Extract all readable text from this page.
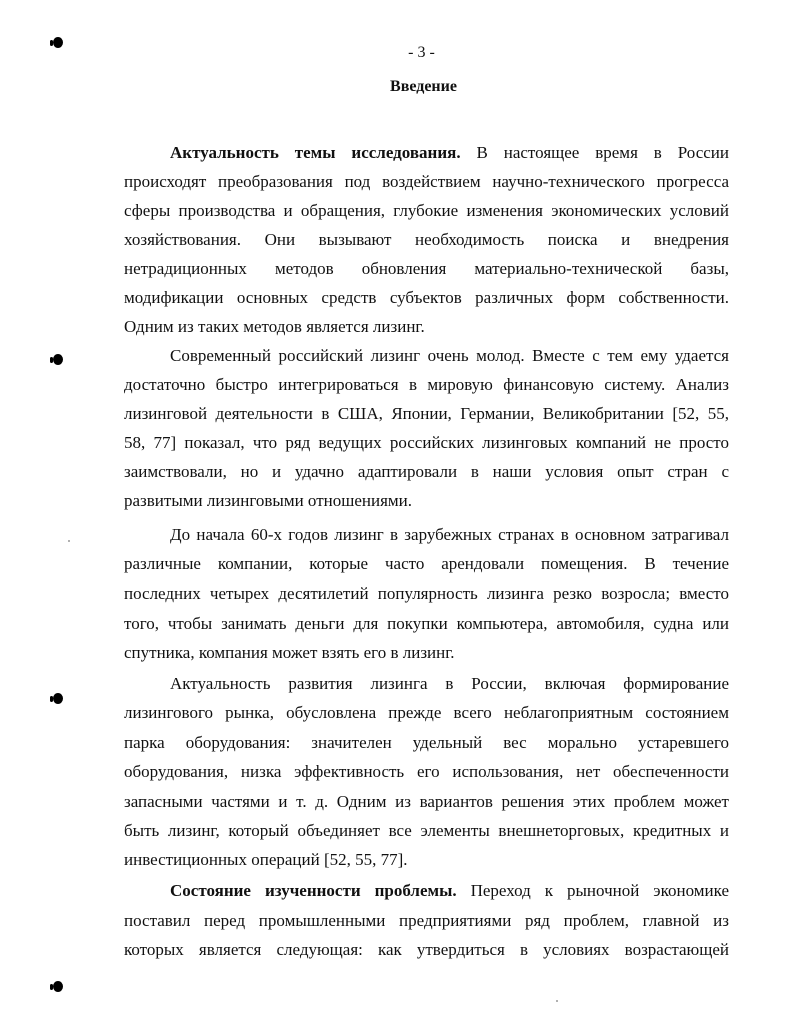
- 3 -
Введение
Актуальность темы исследования. В настоящее время в России
происходят преобразования под воздействием научно-технического прогресса
сферы производства и обращения, глубокие изменения экономических условий
хозяйствования. Они вызывают необходимость поиска и внедрения
нетрадиционных методов обновления материально-технической базы,
модификации основных средств субъектов различных форм собственности.
Одним из таких методов является лизинг.
Современный российский лизинг очень молод. Вместе с тем ему удается
достаточно быстро интегрироваться в мировую финансовую систему. Анализ
лизинговой деятельности в США, Японии, Германии, Великобритании [52, 55,
58, 77] показал, что ряд ведущих российских лизинговых компаний не просто
заимствовали, но и удачно адаптировали в наши условия опыт стран с
развитыми лизинговыми отношениями.
До начала 60-х годов лизинг в зарубежных странах в основном затрагивал
различные компании, которые часто арендовали помещения. В течение
последних четырех десятилетий популярность лизинга резко возросла; вместо
того, чтобы занимать деньги для покупки компьютера, автомобиля, судна или
спутника, компания может взять его в лизинг.
Актуальность развития лизинга в России, включая формирование
лизингового рынка, обусловлена прежде всего неблагоприятным состоянием
парка оборудования: значителен удельный вес морально устаревшего
оборудования, низка эффективность его использования, нет обеспеченности
запасными частями и т. д. Одним из вариантов решения этих проблем может
быть лизинг, который объединяет все элементы внешнеторговых, кредитных и
инвестиционных операций [52, 55, 77].
Состояние изученности проблемы. Переход к рыночной экономике
поставил перед промышленными предприятиями ряд проблем, главной из
которых является следующая: как утвердиться в условиях возрастающей
